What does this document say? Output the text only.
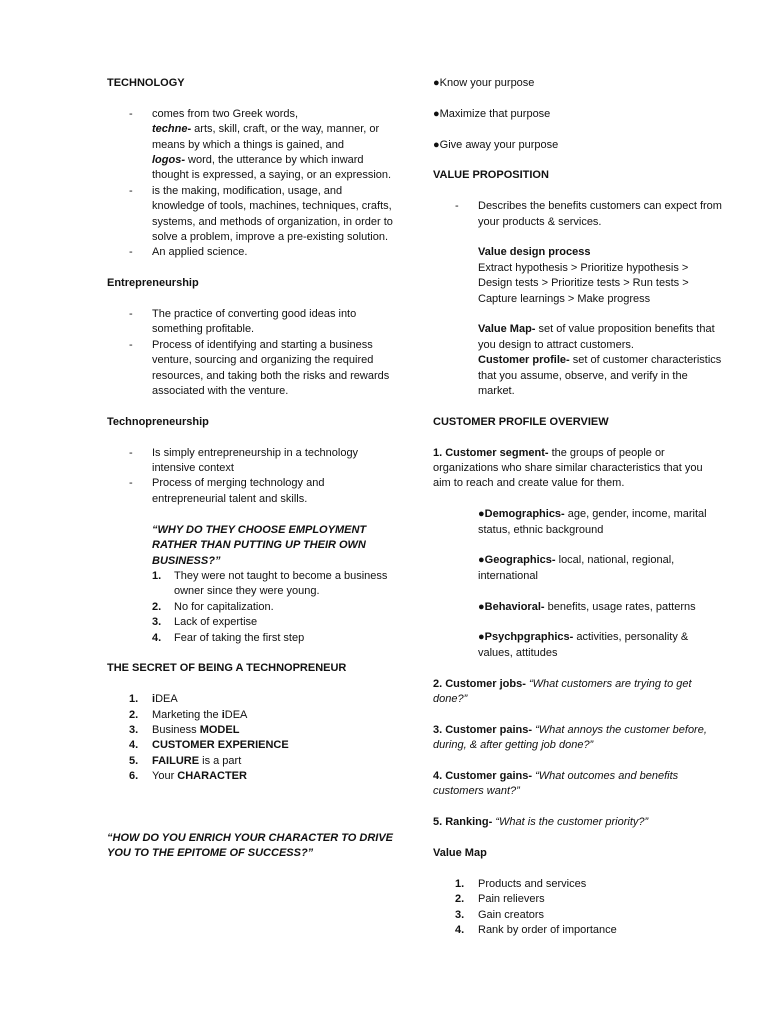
TECHNOLOGY

-	comes from two Greek words,

techne- arts, skill, craft, or the way, manner, or means by which a things is gained, and

logos- word, the utterance by which inward thought is expressed, a saying, or an expression.

-	is the making, modification, usage, and knowledge of tools, machines, techniques, crafts, systems, and methods of organization, in order to solve a problem, improve a pre-existing solution.
-	An applied science.

Entrepreneurship

-	The practice of converting good ideas into something profitable.
-	Process of identifying and starting a business venture, sourcing and organizing the required resources, and taking both the risks and rewards associated with the venture.

Technopreneurship

-	Is simply entrepreneurship in a technology intensive context
-	Process of merging technology and entrepreneurial talent and skills.

“WHY DO THEY CHOOSE EMPLOYMENT RATHER THAN PUTTING UP THEIR OWN BUSINESS?”

1.	They were not taught to become a business owner since they were young.
2.	No for capitalization.
3.	Lack of expertise
4.	Fear of taking the first step

THE SECRET OF BEING A TECHNOPRENEUR

1.	iDEA
2.	Marketing the iDEA
3.	Business MODEL
4.	CUSTOMER EXPERIENCE
5.	FAILURE is a part
6.	Your CHARACTER

“HOW DO YOU ENRICH YOUR CHARACTER TO DRIVE YOU TO THE EPITOME OF SUCCESS?”

●Know your purpose

●Maximize that purpose

●Give away your purpose

VALUE PROPOSITION

-	Describes the benefits customers can expect from your products & services.

Value design process

Extract hypothesis > Prioritize hypothesis > Design tests > Prioritize tests > Run tests > Capture learnings > Make progress

Value Map- set of value proposition benefits that you design to attract customers.

Customer profile- set of customer characteristics that you assume, observe, and verify in the market.

CUSTOMER PROFILE OVERVIEW

1. Customer segment- the groups of people or organizations who share similar characteristics that you aim to reach and create value for them.

●Demographics- age, gender, income, marital status, ethnic background

●Geographics- local, national, regional, international

●Behavioral- benefits, usage rates, patterns

●Psychpgraphics- activities, personality & values, attitudes

2. Customer jobs- “What customers are trying to get done?”

3. Customer pains- “What annoys the customer before, during, & after getting job done?”

4. Customer gains- “What outcomes and benefits customers want?”

5. Ranking- “What is the customer priority?”

Value Map

1.	Products and services
2.	Pain relievers
3.	Gain creators
4.	Rank by order of importance
